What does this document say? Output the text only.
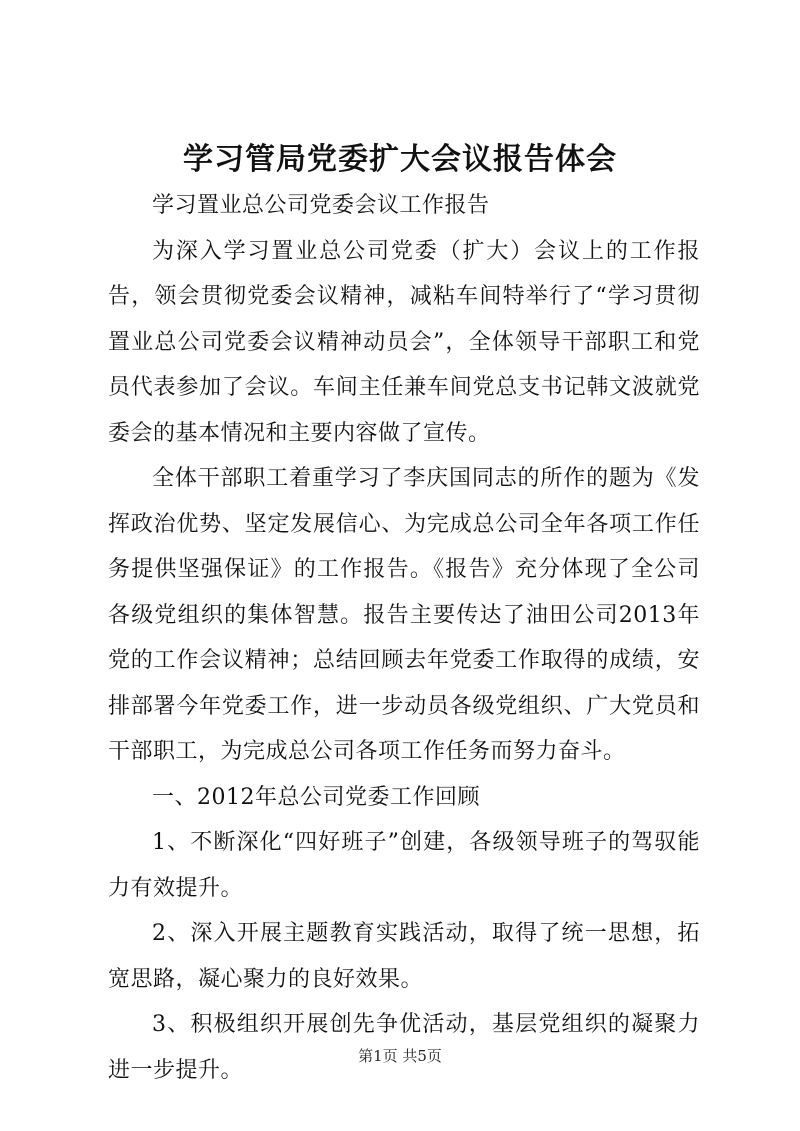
学习管局党委扩大会议报告体会

学习置业总公司党委会议工作报告

为深入学习置业总公司党委（扩大）会议上的工作报告，领会贯彻党委会议精神，减粘车间特举行了“学习贯彻置业总公司党委会议精神动员会”，全体领导干部职工和党员代表参加了会议。车间主任兼车间党总支书记韩文波就党委会的基本情况和主要内容做了宣传。

全体干部职工着重学习了李庆国同志的所作的题为《发挥政治优势、坚定发展信心、为完成总公司全年各项工作任务提供坚强保证》的工作报告。《报告》充分体现了全公司各级党组织的集体智慧。报告主要传达了油田公司2013年党的工作会议精神；总结回顾去年党委工作取得的成绩，安排部署今年党委工作，进一步动员各级党组织、广大党员和干部职工，为完成总公司各项工作任务而努力奋斗。

一、2012年总公司党委工作回顾

1、不断深化“四好班子”创建，各级领导班子的驾驭能力有效提升。

2、深入开展主题教育实践活动，取得了统一思想，拓宽思路，凝心聚力的良好效果。

3、积极组织开展创先争优活动，基层党组织的凝聚力进一步提升。

第1页 共5页
